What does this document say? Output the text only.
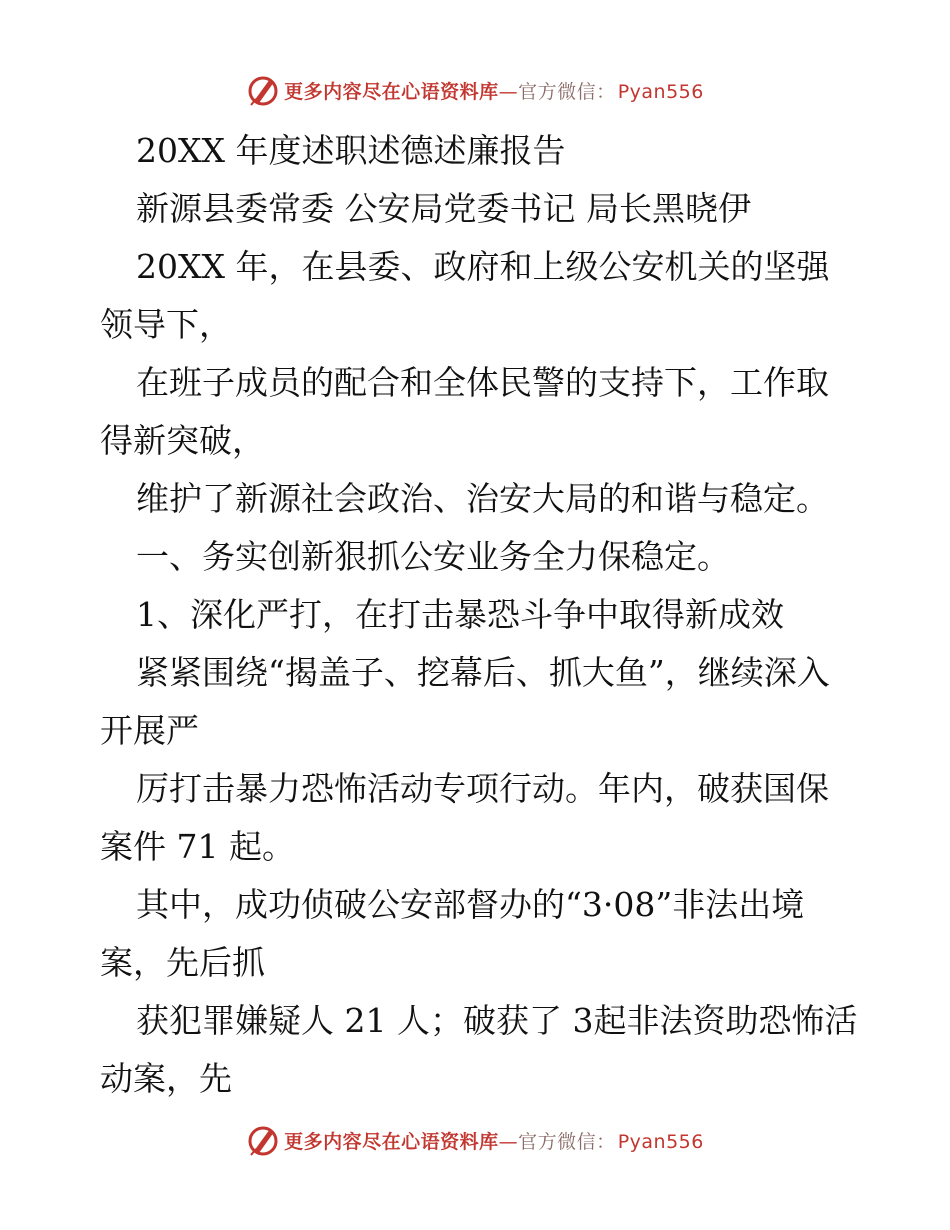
更多内容尽在心语资料库—官方微信： Pyan556

20XX 年度述职述德述廉报告

新源县委常委 公安局党委书记 局长黑晓伊

20XX 年，在县委、政府和上级公安机关的坚强领导下，

在班子成员的配合和全体民警的支持下，工作取得新突破，

维护了新源社会政治、治安大局的和谐与稳定。

一、务实创新狠抓公安业务全力保稳定。

1、深化严打，在打击暴恐斗争中取得新成效

紧紧围绕“揭盖子、挖幕后、抓大鱼”，继续深入开展严

厉打击暴力恐怖活动专项行动。年内，破获国保案件 71 起。

其中，成功侦破公安部督办的“3·08”非法出境案，先后抓

获犯罪嫌疑人 21 人；破获了 3起非法资助恐怖活动案，先

更多内容尽在心语资料库—官方微信： Pyan556
